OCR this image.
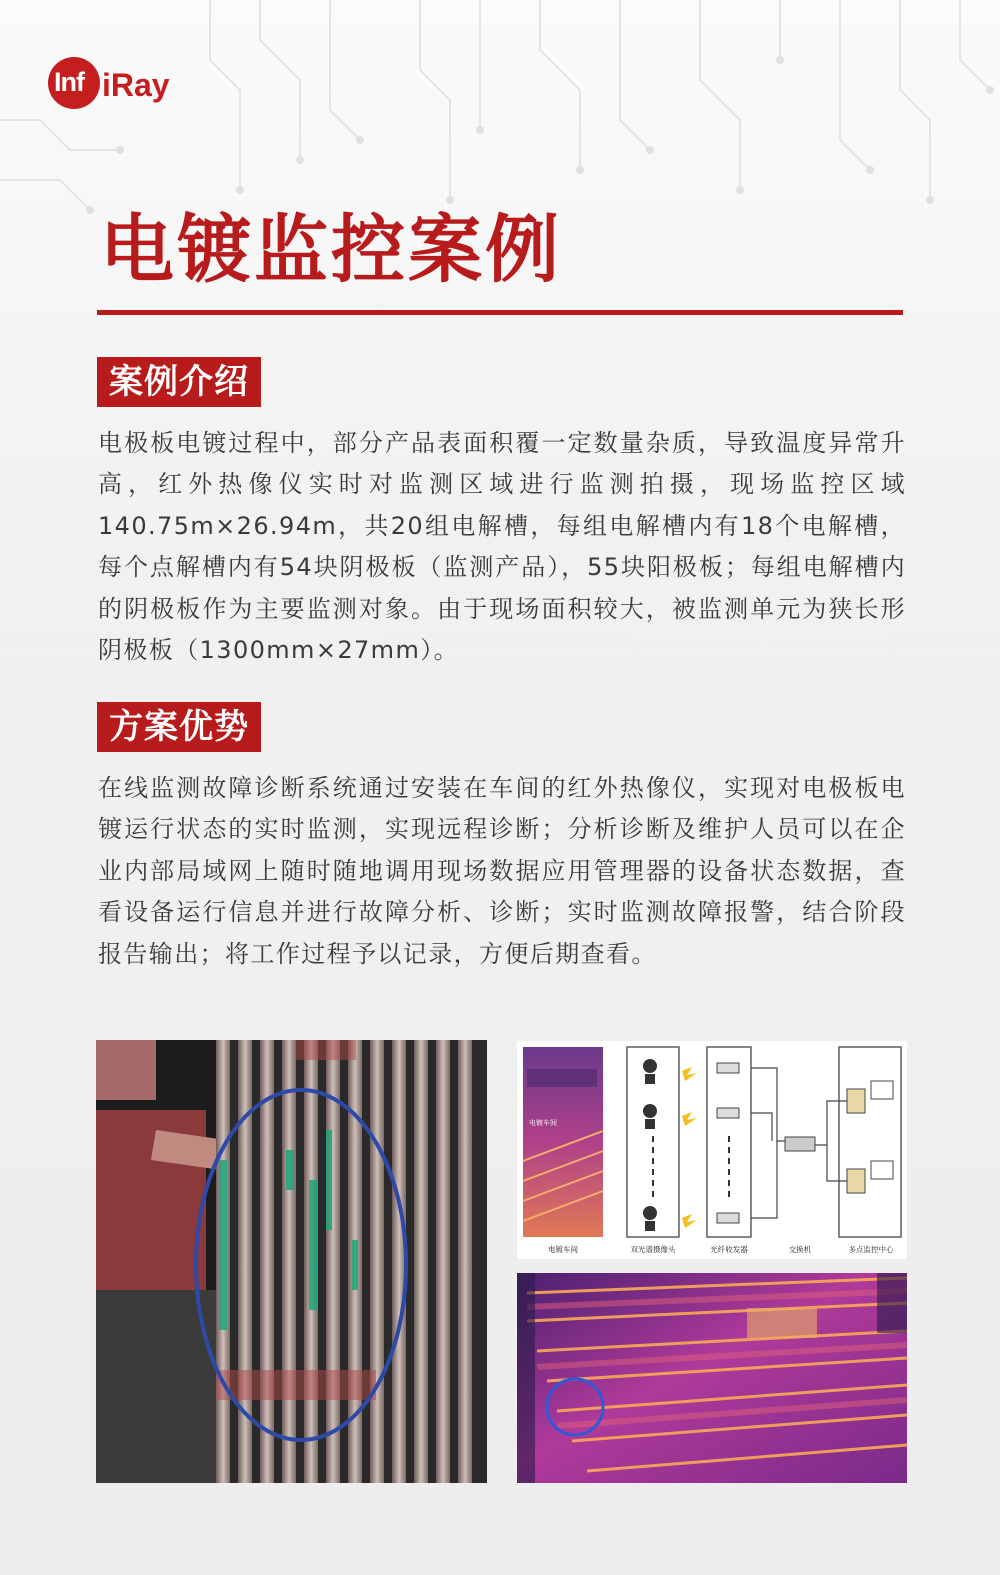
Inf iRay
电镀监控案例
案例介绍

电极板电镀过程中，部分产品表面积覆一定数量杂质，导致温度异常升高，红外热像仪实时对监测区域进行监测拍摄，现场监控区域140.75m×26.94m，共20组电解槽，每组电解槽内有18个电解槽，每个点解槽内有54块阴极板（监测产品），55块阳极板；每组电解槽内的阴极板作为主要监测对象。由于现场面积较大，被监测单元为狭长形阴极板（1300mm×27mm）。

方案优势

在线监测故障诊断系统通过安装在车间的红外热像仪，实现对电极板电镀运行状态的实时监测，实现远程诊断；分析诊断及维护人员可以在企业内部局域网上随时随地调用现场数据应用管理器的设备状态数据，查看设备运行信息并进行故障分析、诊断；实时监测故障报警，结合阶段报告输出；将工作过程予以记录，方便后期查看。

电镀车间
电镀车间	双光谱摄像头	光纤收发器	交换机	多点监控中心
